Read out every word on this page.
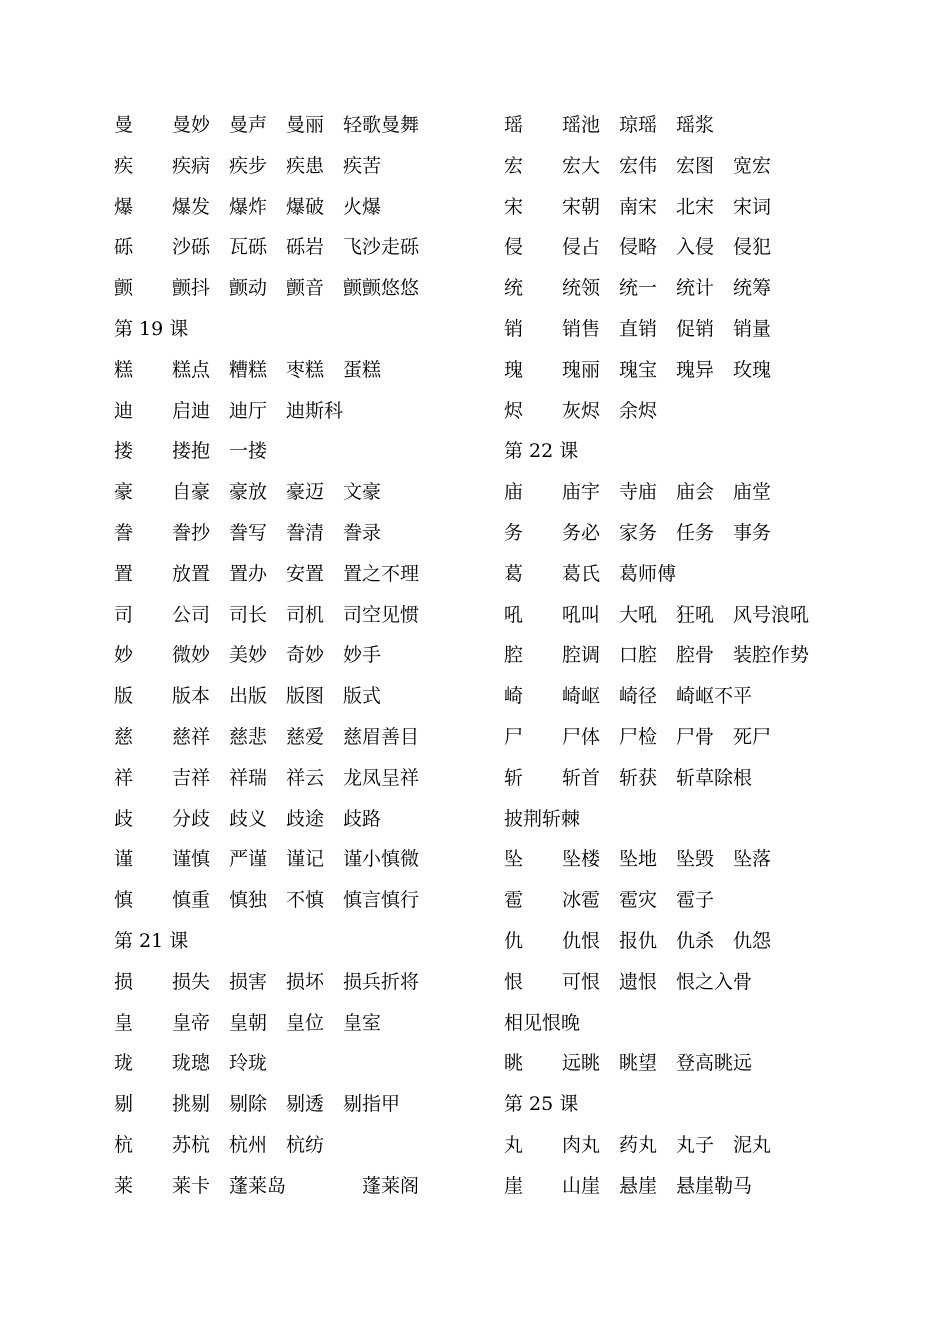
曼 曼妙 曼声 曼丽 轻歌曼舞
疾 疾病 疾步 疾患 疾苦
爆 爆发 爆炸 爆破 火爆
砾 沙砾 瓦砾 砾岩 飞沙走砾
颤 颤抖 颤动 颤音 颤颤悠悠
第 19 课
糕 糕点 糟糕 枣糕 蛋糕
迪 启迪 迪厅 迪斯科
搂 搂抱 一搂
豪 自豪 豪放 豪迈 文豪
誊 誊抄 誊写 誊清 誊录
置 放置 置办 安置 置之不理
司 公司 司长 司机 司空见惯
妙 微妙 美妙 奇妙 妙手
版 版本 出版 版图 版式
慈 慈祥 慈悲 慈爱 慈眉善目
祥 吉祥 祥瑞 祥云 龙凤呈祥
歧 分歧 歧义 歧途 歧路
谨 谨慎 严谨 谨记 谨小慎微
慎 慎重 慎独 不慎 慎言慎行
第 21 课
损 损失 损害 损坏 损兵折将
皇 皇帝 皇朝 皇位 皇室
珑 珑璁 玲珑
剔 挑剔 剔除 剔透 剔指甲
杭 苏杭 杭州 杭纺
莱 莱卡 蓬莱岛	蓬莱阁
瑶 瑶池 琼瑶 瑶浆
宏 宏大 宏伟 宏图 宽宏
宋 宋朝 南宋 北宋 宋词
侵 侵占 侵略 入侵 侵犯
统 统领 统一 统计 统筹
销 销售 直销 促销 销量
瑰 瑰丽 瑰宝 瑰异 玫瑰
烬 灰烬 余烬
第 22 课
庙 庙宇 寺庙 庙会 庙堂
务 务必 家务 任务 事务
葛 葛氏 葛师傅
吼 吼叫 大吼 狂吼 风号浪吼
腔 腔调 口腔 腔骨 装腔作势
崎 崎岖 崎径 崎岖不平
尸 尸体 尸检 尸骨 死尸
斩 斩首 斩获 斩草除根
披荆斩棘
坠 坠楼 坠地 坠毁 坠落
雹 冰雹 雹灾 雹子
仇 仇恨 报仇 仇杀 仇怨
恨 可恨 遗恨 恨之入骨
相见恨晚
眺 远眺 眺望 登高眺远
第 25 课
丸 肉丸 药丸 丸子 泥丸
崖 山崖 悬崖 悬崖勒马
